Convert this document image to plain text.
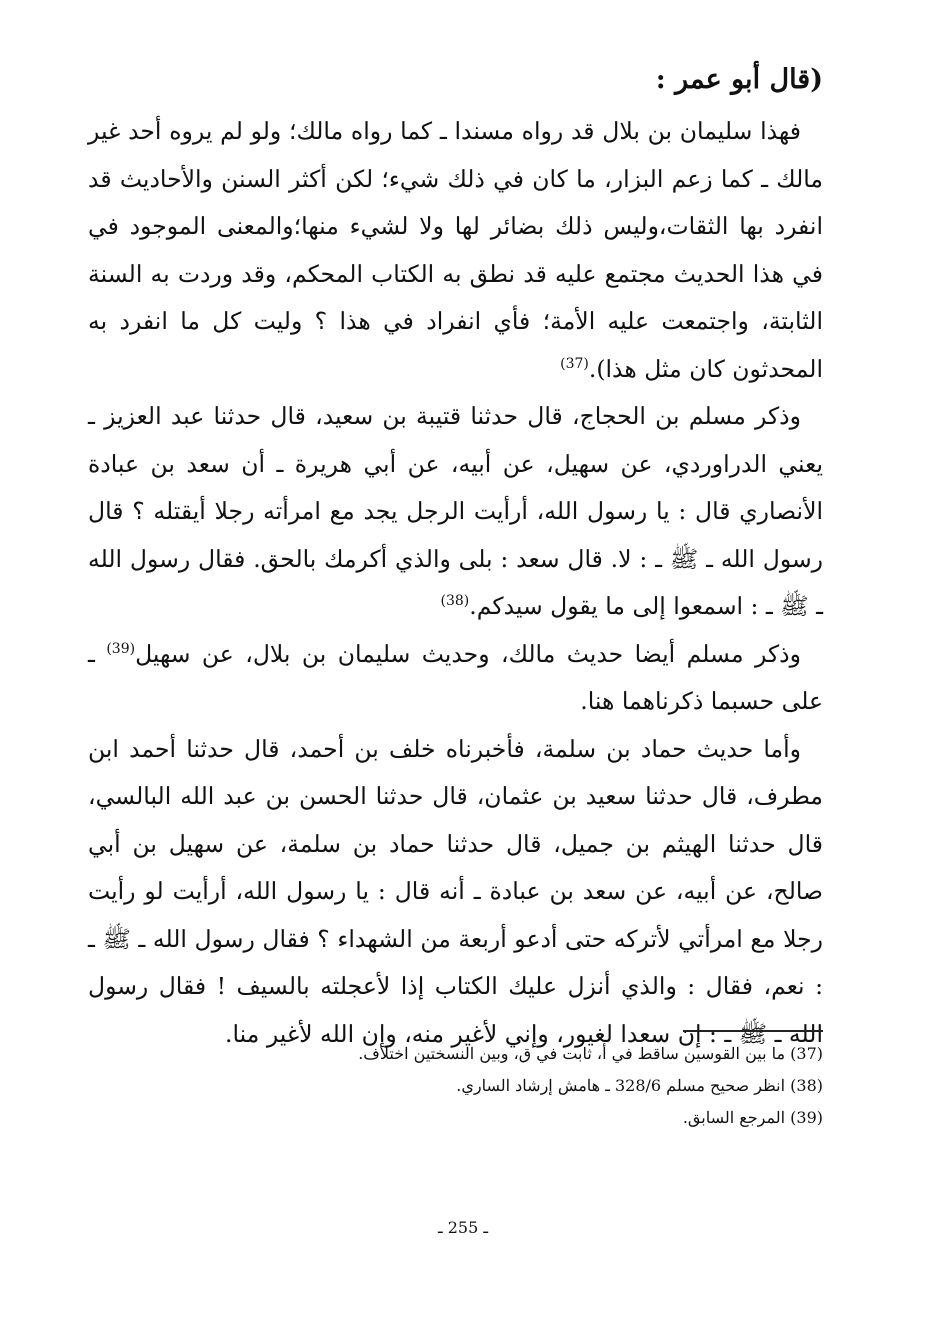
(قال أبو عمر :

فهذا سليمان بن بلال قد رواه مسندا ـ كما رواه مالك؛ ولو لم يروه أحد غير مالك ـ كما زعم البزار، ما كان في ذلك شيء؛ لكن أكثر السنن والأحاديث قد انفرد بها الثقات،وليس ذلك بضائر لها ولا لشيء منها؛والمعنى الموجود في في هذا الحديث مجتمع عليه قد نطق به الكتاب المحكم، وقد وردت به السنة الثابتة، واجتمعت عليه الأمة؛ فأي انفراد في هذا ؟ وليت كل ما انفرد به المحدثون كان مثل هذا).$^{(37)}$

وذكر مسلم بن الحجاج، قال حدثنا قتيبة بن سعيد، قال حدثنا عبد العزيز ـ يعني الدراوردي، عن سهيل، عن أبيه، عن أبي هريرة ـ أن سعد بن عبادة الأنصاري قال : يا رسول الله، أرأيت الرجل يجد مع امرأته رجلا أيقتله ؟ قال رسول الله ـ ﷺ ـ : لا. قال سعد : بلى والذي أكرمك بالحق. فقال رسول الله ـ ﷺ ـ : اسمعوا إلى ما يقول سيدكم.$^{(38)}$

وذكر مسلم أيضا حديث مالك، وحديث سليمان بن بلال، عن سهيل$^{(39)}$ ـ على حسبما ذكرناهما هنا.

وأما حديث حماد بن سلمة، فأخبرناه خلف بن أحمد، قال حدثنا أحمد ابن مطرف، قال حدثنا سعيد بن عثمان، قال حدثنا الحسن بن عبد الله البالسي، قال حدثنا الهيثم بن جميل، قال حدثنا حماد بن سلمة، عن سهيل بن أبي صالح، عن أبيه، عن سعد بن عبادة ـ أنه قال : يا رسول الله، أرأيت لو رأيت رجلا مع امرأتي لأتركه حتى أدعو أربعة من الشهداء ؟ فقال رسول الله ـ ﷺ ـ : نعم، فقال : والذي أنزل عليك الكتاب إذا لأعجلته بالسيف ! فقال رسول الله ـ ﷺ ـ : إن سعدا لغيور، وإني لأغير منه، وإن الله لأغير منا.

(37) ما بين القوسين ساقط في أ، ثابت في ق، وبين النسختين اختلاف.

(38) انظر صحيح مسلم 328/6 ـ هامش إرشاد الساري.

(39) المرجع السابق.

ـ 255 ـ
